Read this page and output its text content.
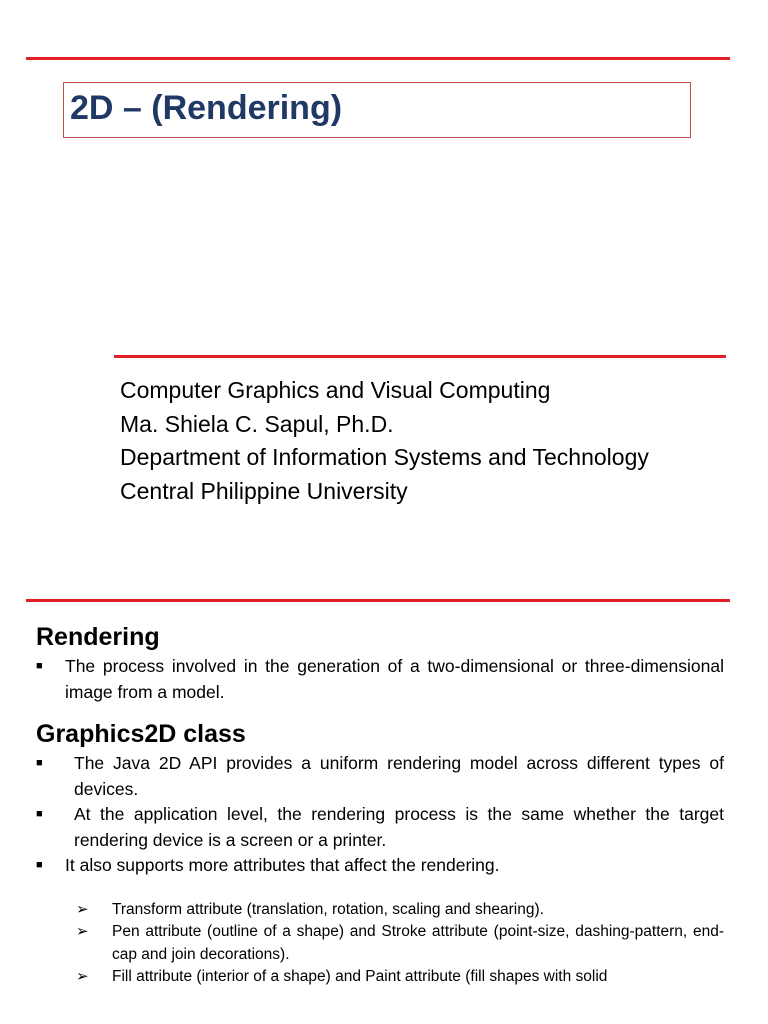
2D – (Rendering)
Computer Graphics and Visual Computing
Ma. Shiela C. Sapul, Ph.D.
Department of Information Systems and Technology
Central Philippine University
Rendering
■ The process involved in the generation of a two-dimensional or three-dimensional image from a model.
Graphics2D class
■ The Java 2D API provides a uniform rendering model across different types of devices.
■ At the application level, the rendering process is the same whether the target rendering device is a screen or a printer.
■ It also supports more attributes that affect the rendering.
➢ Transform attribute (translation, rotation, scaling and shearing).
➢ Pen attribute (outline of a shape) and Stroke attribute (point-size, dashing-pattern, end-cap and join decorations).
➢ Fill attribute (interior of a shape) and Paint attribute (fill shapes with solid
